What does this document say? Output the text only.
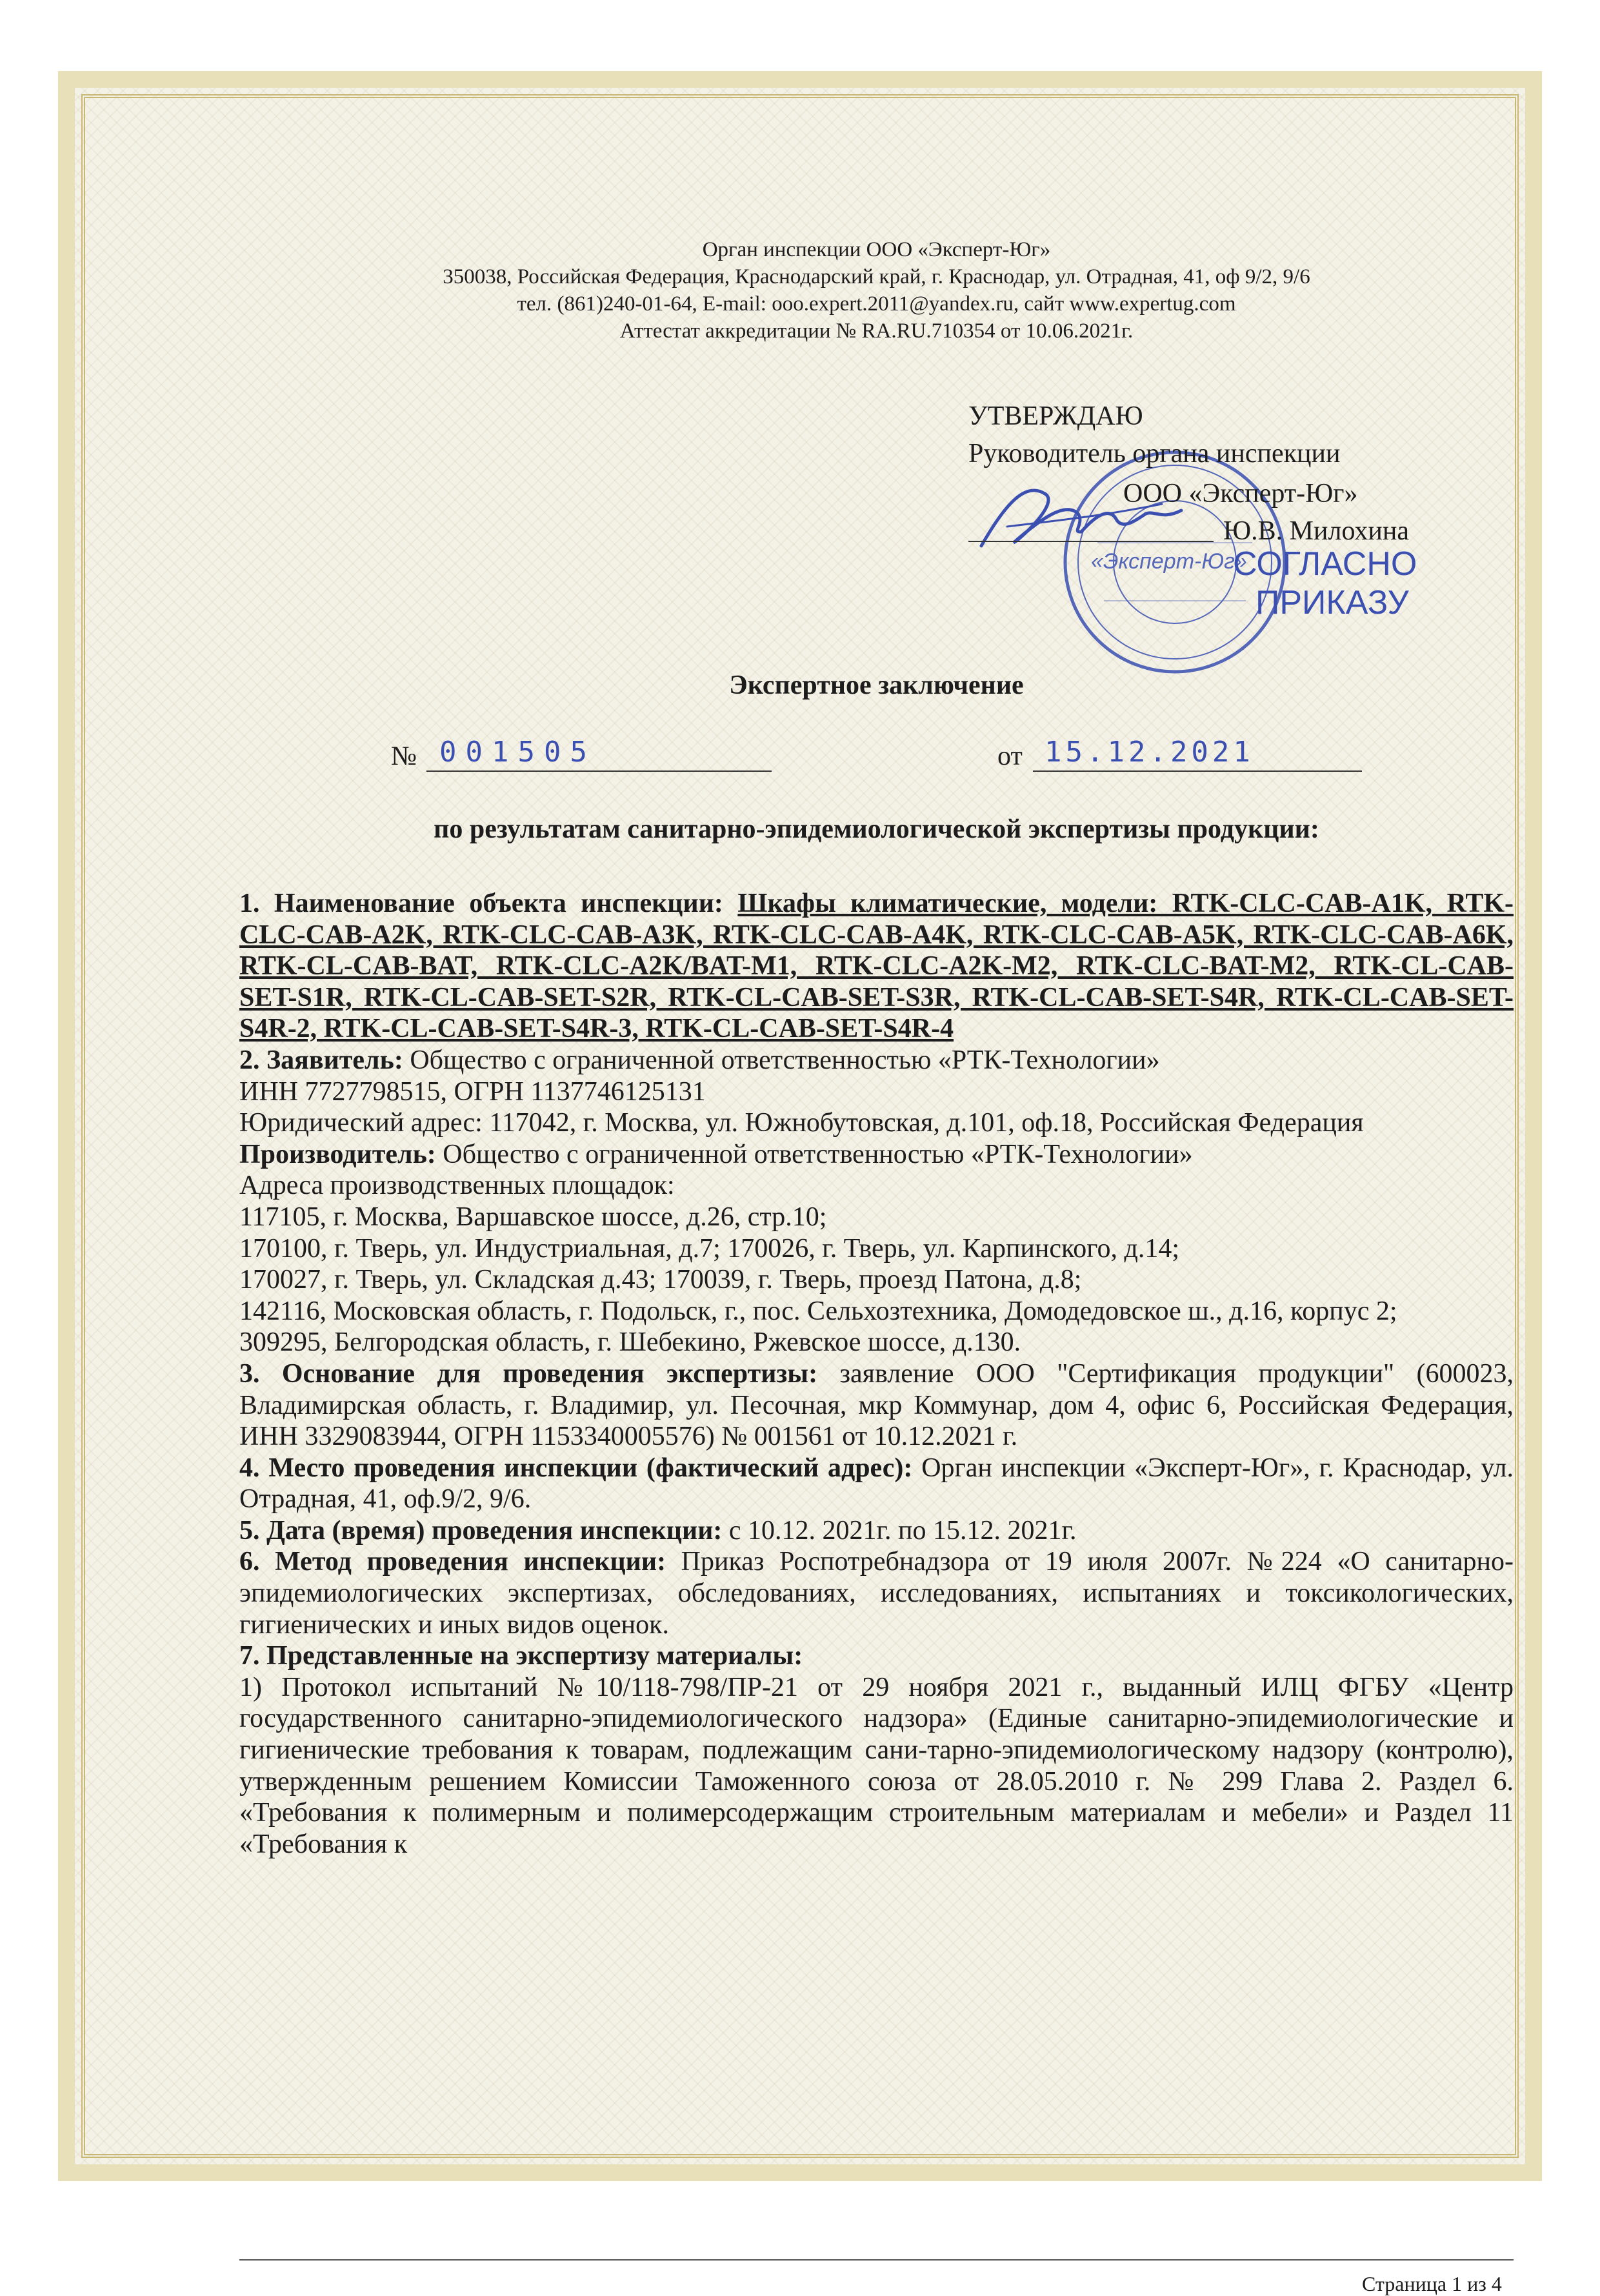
Орган инспекции ООО «Эксперт-Юг»
350038, Российская Федерация, Краснодарский край, г. Краснодар, ул. Отрадная, 41, оф 9/2, 9/6
тел. (861)240-01-64, E-mail: ooo.expert.2011@yandex.ru, сайт www.expertug.com
Аттестат аккредитации № RA.RU.710354 от 10.06.2021г.
«Эксперт-Юг»
УТВЕРЖДАЮ
Руководитель органа инспекции
ООО «Эксперт-Юг»
Ю.В. Милохина
СОГЛАСНО
ПРИКАЗУ
Экспертное заключение
№ 001505	от 15.12.2021
по результатам санитарно-эпидемиологической экспертизы продукции:

1. Наименование объекта инспекции: Шкафы климатические, модели: RTK-CLC-CAB-A1K, RTK-CLC-CAB-A2K, RTK-CLC-CAB-A3K, RTK-CLC-CAB-A4K, RTK-CLC-CAB-A5K, RTK-CLC-CAB-A6K, RTK-CL-CAB-BAT, RTK-CLC-A2K/BAT-M1, RTK-CLC-A2K-M2, RTK-CLC-BAT-M2, RTK-CL-CAB-SET-S1R, RTK-CL-CAB-SET-S2R, RTK-CL-CAB-SET-S3R, RTK-CL-CAB-SET-S4R, RTK-CL-CAB-SET-S4R-2, RTK-CL-CAB-SET-S4R-3, RTK-CL-CAB-SET-S4R-4

2. Заявитель: Общество с ограниченной ответственностью «РТК-Технологии»

ИНН 7727798515, ОГРН 1137746125131

Юридический адрес: 117042, г. Москва, ул. Южнобутовская, д.101, оф.18, Российская Федерация

Производитель: Общество с ограниченной ответственностью «РТК-Технологии»

Адреса производственных площадок:

117105, г. Москва, Варшавское шоссе, д.26, стр.10;

170100, г. Тверь, ул. Индустриальная, д.7; 170026, г. Тверь, ул. Карпинского, д.14;

170027, г. Тверь, ул. Складская д.43; 170039, г. Тверь, проезд Патона, д.8;

142116, Московская область, г. Подольск, г., пос. Сельхозтехника, Домодедовское ш., д.16, корпус 2;

309295, Белгородская область, г. Шебекино, Ржевское шоссе, д.130.

3. Основание для проведения экспертизы: заявление ООО "Сертификация продукции" (600023, Владимирская область, г. Владимир, ул. Песочная, мкр Коммунар, дом 4, офис 6, Российская Федерация, ИНН 3329083944, ОГРН 1153340005576) № 001561 от 10.12.2021 г.

4. Место проведения инспекции (фактический адрес): Орган инспекции «Эксперт-Юг», г. Краснодар, ул. Отрадная, 41, оф.9/2, 9/6.

5. Дата (время) проведения инспекции: с 10.12. 2021г. по 15.12. 2021г.

6. Метод проведения инспекции: Приказ Роспотребнадзора от 19 июля 2007г. №224 «О санитарно-эпидемиологических экспертизах, обследованиях, исследованиях, испытаниях и токсикологических, гигиенических и иных видов оценок.

7. Представленные на экспертизу материалы:

1) Протокол испытаний №10/118-798/ПР-21 от 29 ноября 2021 г., выданный ИЛЦ ФГБУ «Центр государственного санитарно-эпидемиологического надзора» (Единые санитарно-эпидемиологические и гигиенические требования к товарам, подлежащим сани-тарно-эпидемиологическому надзору (контролю), утвержденным решением Комиссии Таможенного союза от 28.05.2010 г. № 299 Глава 2. Раздел 6. «Требования к полимерным и полимерсодержащим строительным материалам и мебели» и Раздел 11 «Требования к

Страница 1 из 4
